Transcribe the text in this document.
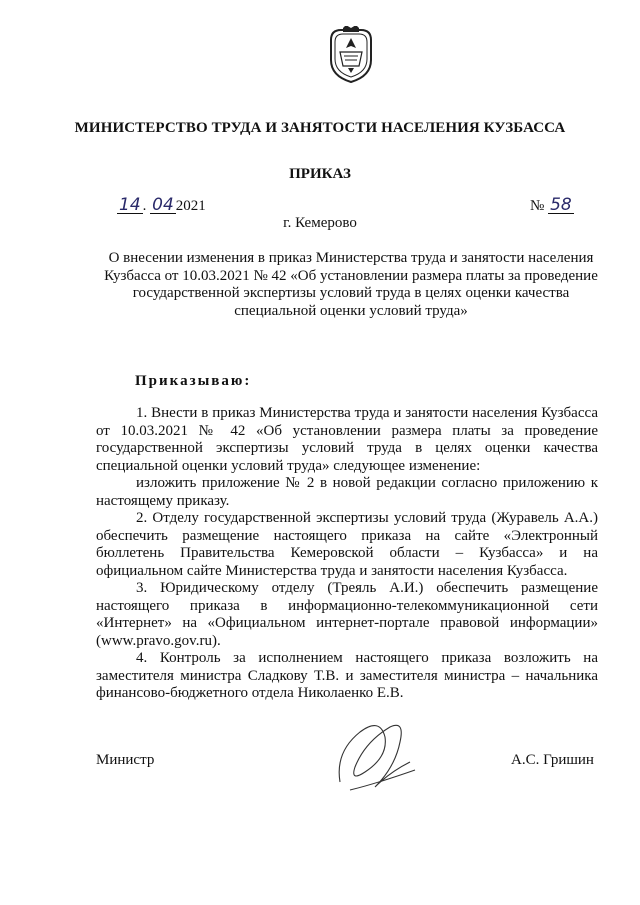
МИНИСТЕРСТВО ТРУДА И ЗАНЯТОСТИ НАСЕЛЕНИЯ КУЗБАССА
ПРИКАЗ
14 . 04 2021	№ 58
г. Кемерово
О внесении изменения в приказ Министерства труда и занятости населения Кузбасса от 10.03.2021 № 42 «Об установлении размера платы за проведение государственной экспертизы условий труда в целях оценки качества специальной оценки условий труда»
Приказываю:

1. Внести в приказ Министерства труда и занятости населения Кузбасса от 10.03.2021 № 42 «Об установлении размера платы за проведение государственной экспертизы условий труда в целях оценки качества специальной оценки условий труда» следующее изменение:

изложить приложение № 2 в новой редакции согласно приложению к настоящему приказу.

2. Отделу государственной экспертизы условий труда (Журавель А.А.) обеспечить размещение настоящего приказа на сайте «Электронный бюллетень Правительства Кемеровской области – Кузбасса» и на официальном сайте Министерства труда и занятости населения Кузбасса.

3. Юридическому отделу (Трeяль А.И.) обеспечить размещение настоящего приказа в информационно-телекоммуникационной сети «Интернет» на «Официальном интернет-портале правовой информации» (www.pravo.gov.ru).

4. Контроль за исполнением настоящего приказа возложить на заместителя министра Сладкову Т.В. и заместителя министра – начальника финансово-бюджетного отдела Николаенко Е.В.

Министр	А.С. Гришин
